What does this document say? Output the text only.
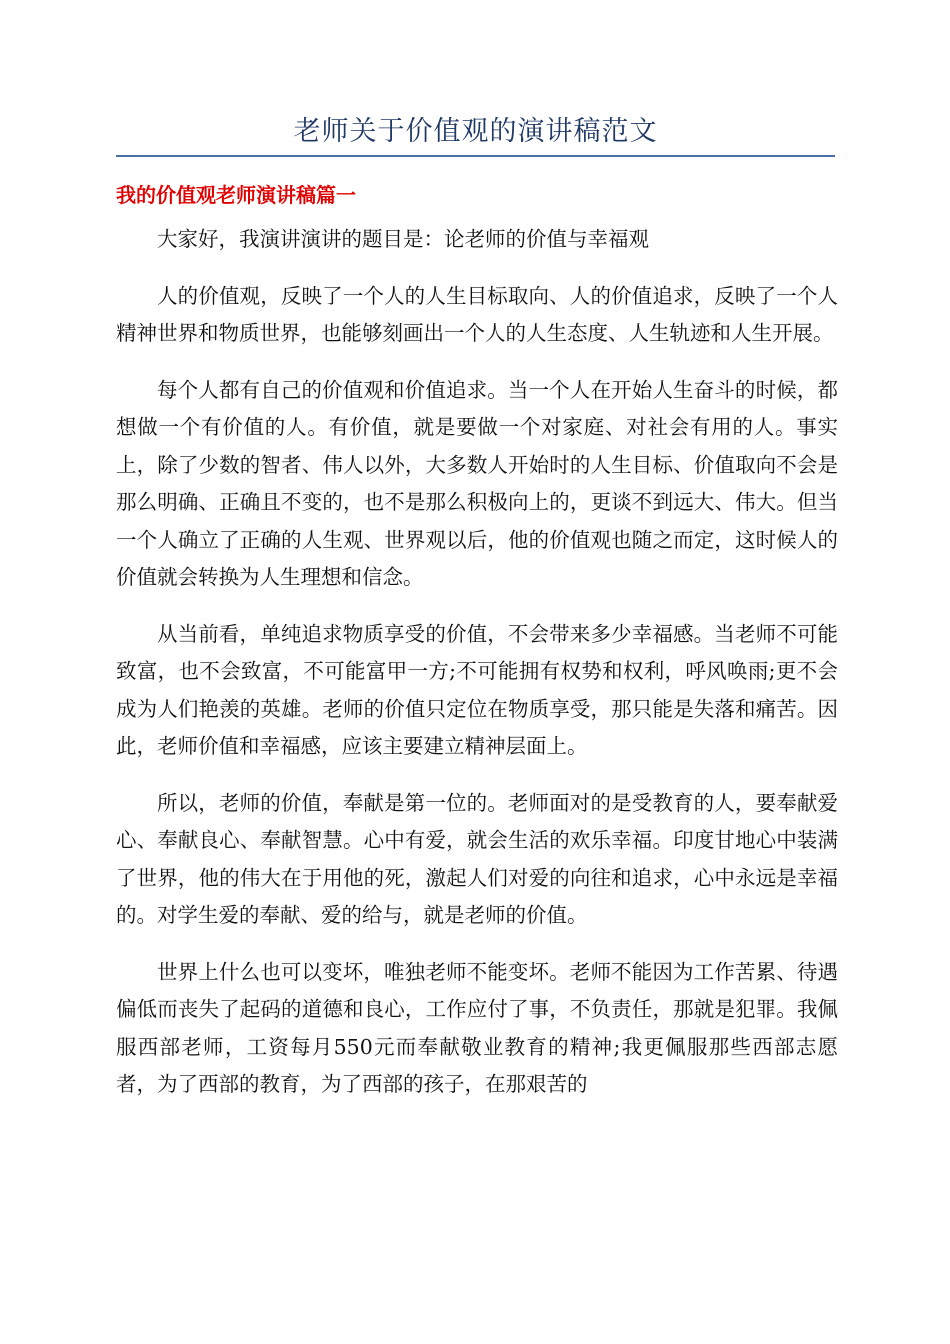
老师关于价值观的演讲稿范文
我的价值观老师演讲稿篇一

大家好，我演讲演讲的题目是：论老师的价值与幸福观

人的价值观，反映了一个人的人生目标取向、人的价值追求，反映了一个人精神世界和物质世界，也能够刻画出一个人的人生态度、人生轨迹和人生开展。

每个人都有自己的价值观和价值追求。当一个人在开始人生奋斗的时候，都想做一个有价值的人。有价值，就是要做一个对家庭、对社会有用的人。事实上，除了少数的智者、伟人以外，大多数人开始时的人生目标、价值取向不会是那么明确、正确且不变的，也不是那么积极向上的，更谈不到远大、伟大。但当一个人确立了正确的人生观、世界观以后，他的价值观也随之而定，这时候人的价值就会转换为人生理想和信念。

从当前看，单纯追求物质享受的价值，不会带来多少幸福感。当老师不可能致富，也不会致富，不可能富甲一方;不可能拥有权势和权利，呼风唤雨;更不会成为人们艳羡的英雄。老师的价值只定位在物质享受，那只能是失落和痛苦。因此，老师价值和幸福感，应该主要建立精神层面上。

所以，老师的价值，奉献是第一位的。老师面对的是受教育的人，要奉献爱心、奉献良心、奉献智慧。心中有爱，就会生活的欢乐幸福。印度甘地心中装满了世界，他的伟大在于用他的死，激起人们对爱的向往和追求，心中永远是幸福的。对学生爱的奉献、爱的给与，就是老师的价值。

世界上什么也可以变坏，唯独老师不能变坏。老师不能因为工作苦累、待遇偏低而丧失了起码的道德和良心，工作应付了事，不负责任，那就是犯罪。我佩服西部老师，工资每月550元而奉献敬业教育的精神;我更佩服那些西部志愿者，为了西部的教育，为了西部的孩子，在那艰苦的
